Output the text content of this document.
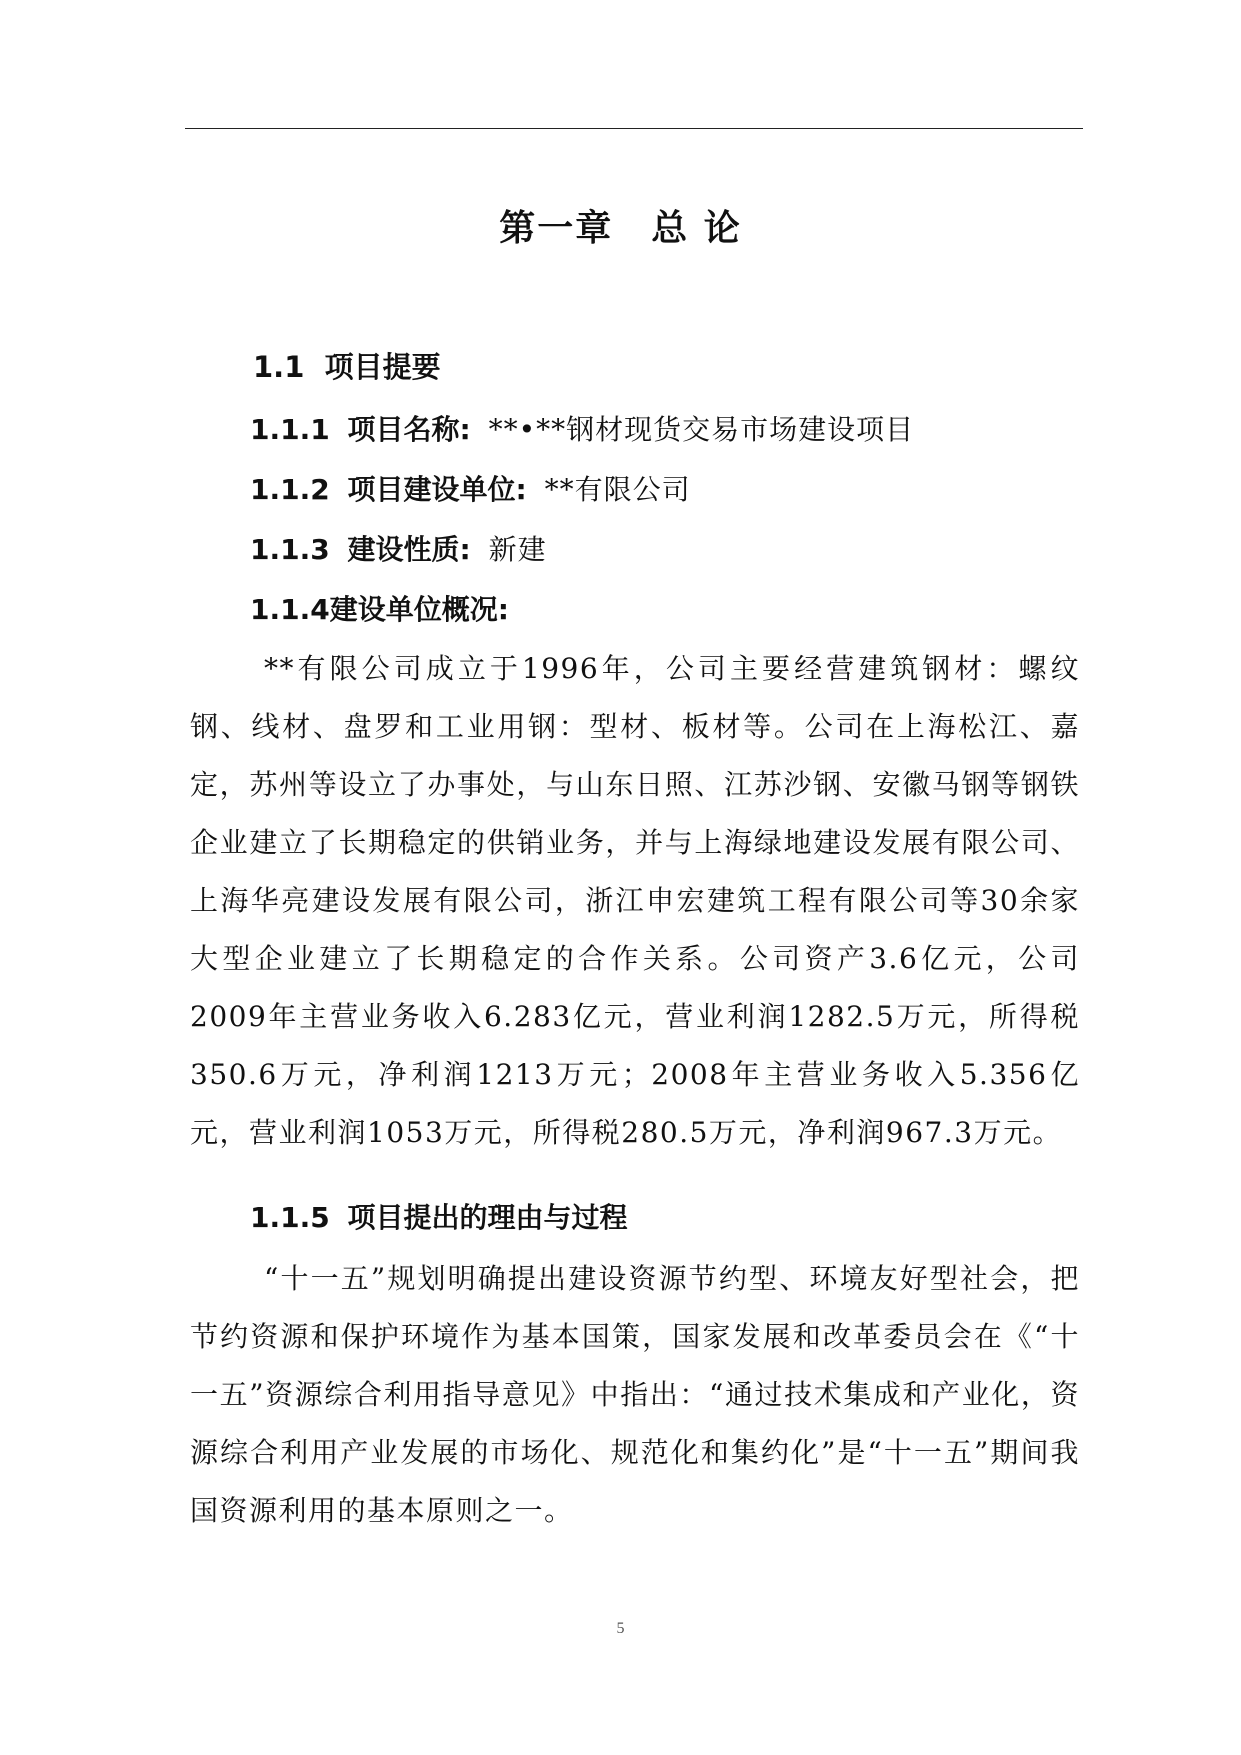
第一章　总 论
1.1 项目提要
1.1.1 项目名称: **•**钢材现货交易市场建设项目
1.1.2 项目建设单位: **有限公司
1.1.3 建设性质: 新建
1.1.4建设单位概况:
**有限公司成立于1996年，公司主要经营建筑钢材：螺纹钢、线材、盘罗和工业用钢：型材、板材等。公司在上海松江、嘉定，苏州等设立了办事处，与山东日照、江苏沙钢、安徽马钢等钢铁企业建立了长期稳定的供销业务，并与上海绿地建设发展有限公司、上海华亮建设发展有限公司，浙江申宏建筑工程有限公司等30余家大型企业建立了长期稳定的合作关系。公司资产3.6亿元，公司2009年主营业务收入6.283亿元，营业利润1282.5万元，所得税350.6万元，净利润1213万元；2008年主营业务收入5.356亿元，营业利润1053万元，所得税280.5万元，净利润967.3万元。
1.1.5 项目提出的理由与过程
“十一五”规划明确提出建设资源节约型、环境友好型社会，把节约资源和保护环境作为基本国策，国家发展和改革委员会在《“十一五”资源综合利用指导意见》中指出：“通过技术集成和产业化，资源综合利用产业发展的市场化、规范化和集约化”是“十一五”期间我国资源利用的基本原则之一。
5
